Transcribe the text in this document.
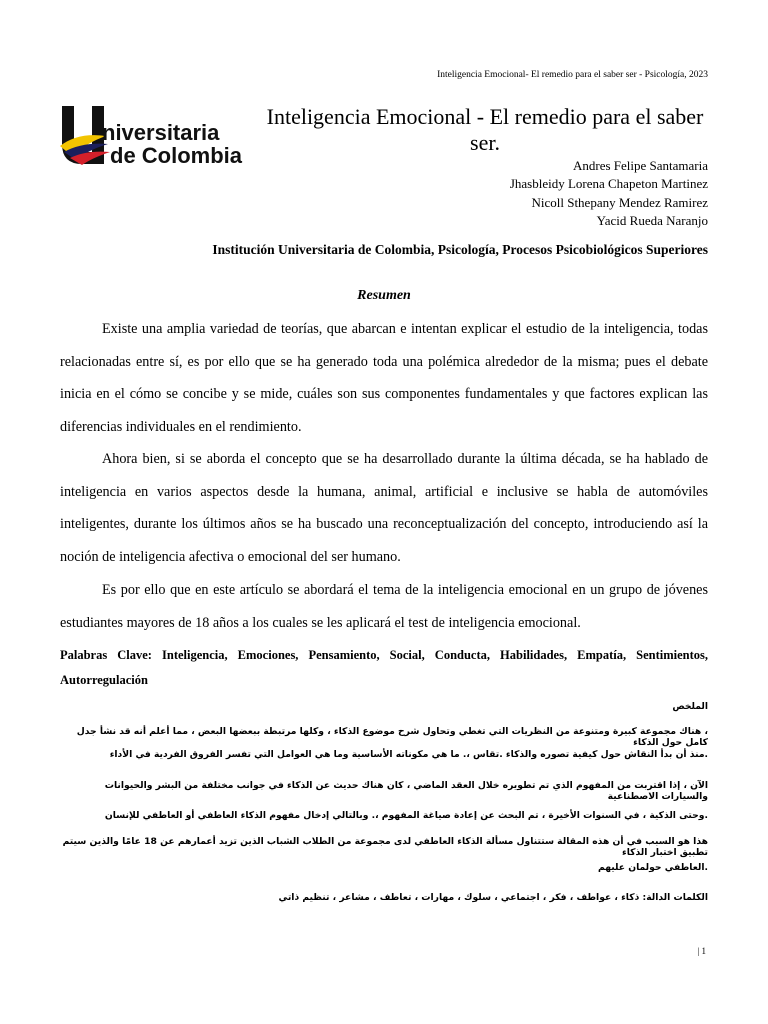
Inteligencia Emocional- El remedio para el saber ser - Psicología, 2023
niversitaria
de Colombia
Inteligencia Emocional - El remedio para el saber ser.
Andres Felipe Santamaria
Jhasbleidy Lorena Chapeton Martinez
Nicoll Sthepany Mendez Ramirez
Yacid Rueda Naranjo
Institución Universitaria de Colombia, Psicología, Procesos Psicobiológicos Superiores
Resumen
Existe una amplia variedad de teorías, que abarcan e intentan explicar el estudio de la inteligencia, todas relacionadas entre sí, es por ello que se ha generado toda una polémica alrededor de la misma; pues el debate inicia en el cómo se concibe y se mide, cuáles son sus componentes fundamentales y que factores explican las diferencias individuales en el rendimiento.
Ahora bien, si se aborda el concepto que se ha desarrollado durante la última década, se ha hablado de inteligencia en varios aspectos desde la humana, animal, artificial e inclusive se habla de automóviles inteligentes, durante los últimos años se ha buscado una reconceptualización del concepto, introduciendo así la noción de inteligencia afectiva o emocional del ser humano.
Es por ello que en este artículo se abordará el tema de la inteligencia emocional en un grupo de jóvenes estudiantes mayores de 18 años a los cuales se les aplicará el test de inteligencia emocional.
Palabras Clave: Inteligencia, Emociones, Pensamiento, Social, Conducta, Habilidades, Empatía, Sentimientos, Autorregulación
الملخص
، هناك مجموعة كبيرة ومتنوعة من النظريات التي تغطي وتحاول شرح موضوع الذكاء ، وكلها مرتبطة ببعضها البعض ، مما أعلم أنه قد نشأ جدل كامل حول الذكاء
.منذ أن بدأ النقاش حول كيفية تصوره والذكاء .تقاس ،. ما هي مكوناته الأساسية وما هي العوامل التي تفسر الفروق الفردية في الأداء
الآن ، إذا اقتربت من المفهوم الذي تم تطويره خلال العقد الماضي ، كان هناك حديث عن الذكاء في جوانب مختلفة من البشر والحيوانات والسيارات الاصطناعية
.وحتى الذكية ، في السنوات الأخيرة ، تم البحث عن إعادة صياغة المفهوم ،. وبالتالي إدخال مفهوم الذكاء العاطفي أو العاطفي للإنسان
هذا هو السبب في أن هذه المقالة ستتناول مسألة الذكاء العاطفي لدى مجموعة من الطلاب الشباب الذين تزيد أعمارهم عن 18 عامًا والذين سيتم تطبيق اختبار الذكاء
.العاطفي حولمان عليهم
الكلمات الدالة: ذكاء ، عواطف ، فكر ، اجتماعي ، سلوك ، مهارات ، تعاطف ، مشاعر ، تنظيم ذاتي
| 1
